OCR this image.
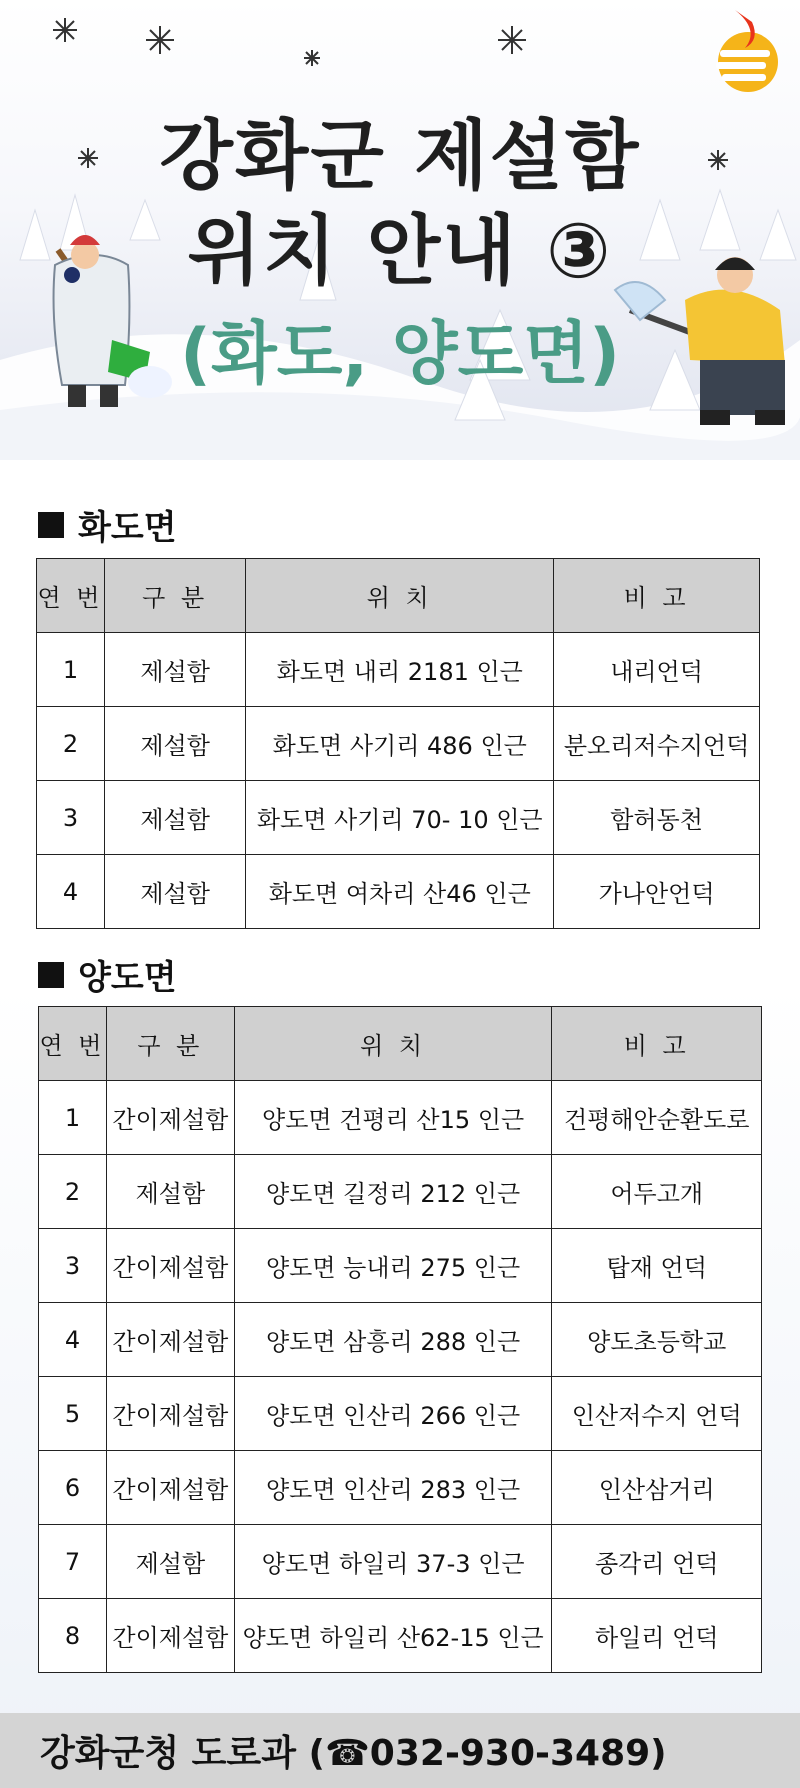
강화군 제설함
위치 안내 ③
(화도, 양도면)
화도면
연 번	구 분	위 치	비 고
1	제설함	화도면 내리 2181 인근	내리언덕
2	제설함	화도면 사기리 486 인근	분오리저수지언덕
3	제설함	화도면 사기리 70- 10 인근	함허동천
4	제설함	화도면 여차리 산46 인근	가나안언덕
양도면
연 번	구 분	위 치	비 고
1	간이제설함	양도면 건평리 산15 인근	건평해안순환도로
2	제설함	양도면 길정리 212 인근	어두고개
3	간이제설함	양도면 능내리 275 인근	탑재 언덕
4	간이제설함	양도면 삼흥리 288 인근	양도초등학교
5	간이제설함	양도면 인산리 266 인근	인산저수지 언덕
6	간이제설함	양도면 인산리 283 인근	인산삼거리
7	제설함	양도면 하일리 37-3 인근	종각리 언덕
8	간이제설함	양도면 하일리 산62-15 인근	하일리 언덕
강화군청 도로과 (☎032-930-3489)
